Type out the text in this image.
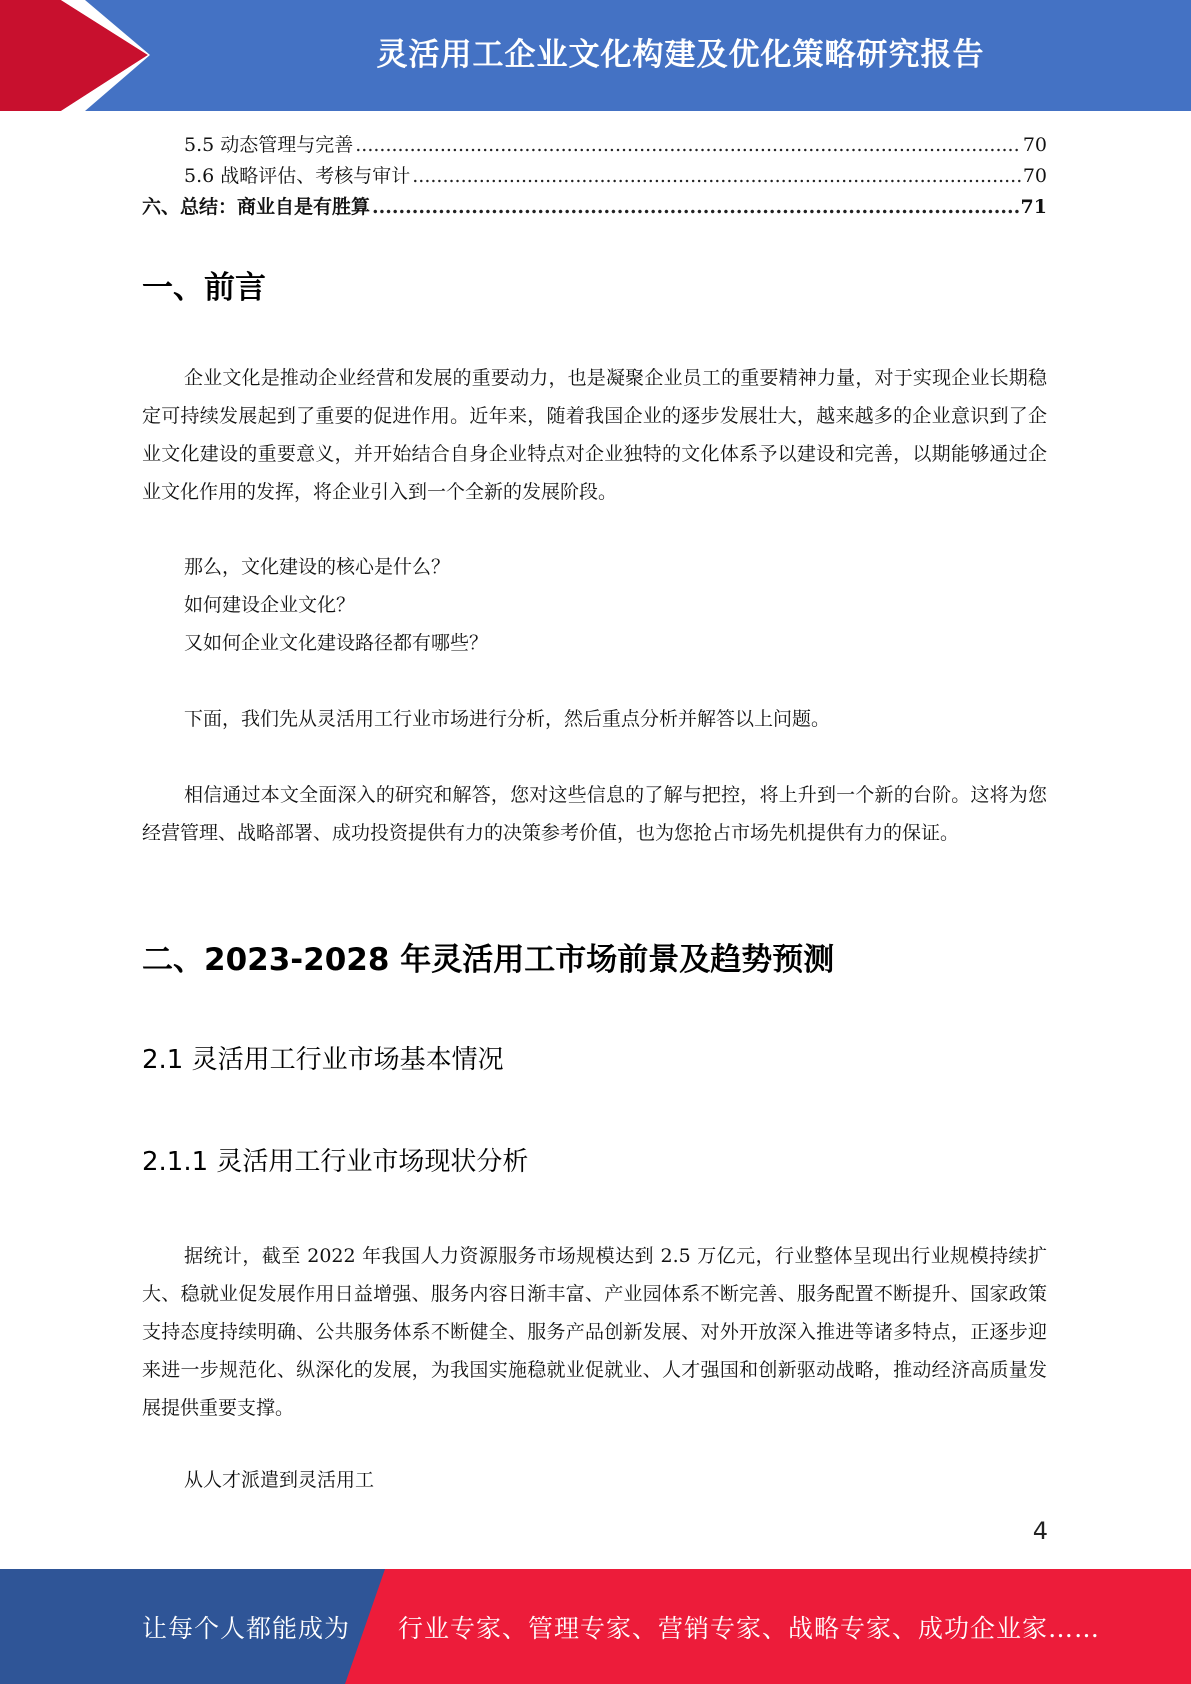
灵活用工企业文化构建及优化策略研究报告
5.5 动态管理与完善 .....	70
5.6 战略评估、考核与审计 .....	70
六、总结：商业自是有胜算 .....	71
一、前言
企业文化是推动企业经营和发展的重要动力，也是凝聚企业员工的重要精神力量，对于实现企业长期稳定可持续发展起到了重要的促进作用。近年来，随着我国企业的逐步发展壮大，越来越多的企业意识到了企业文化建设的重要意义，并开始结合自身企业特点对企业独特的文化体系予以建设和完善，以期能够通过企业文化作用的发挥，将企业引入到一个全新的发展阶段。
那么，文化建设的核心是什么？
如何建设企业文化？
又如何企业文化建设路径都有哪些？
下面，我们先从灵活用工行业市场进行分析，然后重点分析并解答以上问题。
相信通过本文全面深入的研究和解答，您对这些信息的了解与把控，将上升到一个新的台阶。这将为您经营管理、战略部署、成功投资提供有力的决策参考价值，也为您抢占市场先机提供有力的保证。
二、2023-2028 年灵活用工市场前景及趋势预测
2.1 灵活用工行业市场基本情况
2.1.1 灵活用工行业市场现状分析
据统计，截至 2022 年我国人力资源服务市场规模达到 2.5 万亿元，行业整体呈现出行业规模持续扩大、稳就业促发展作用日益增强、服务内容日渐丰富、产业园体系不断完善、服务配置不断提升、国家政策支持态度持续明确、公共服务体系不断健全、服务产品创新发展、对外开放深入推进等诸多特点，正逐步迎来进一步规范化、纵深化的发展，为我国实施稳就业促就业、人才强国和创新驱动战略，推动经济高质量发展提供重要支撑。
从人才派遣到灵活用工
4
让每个人都能成为 行业专家、管理专家、营销专家、战略专家、成功企业家……
